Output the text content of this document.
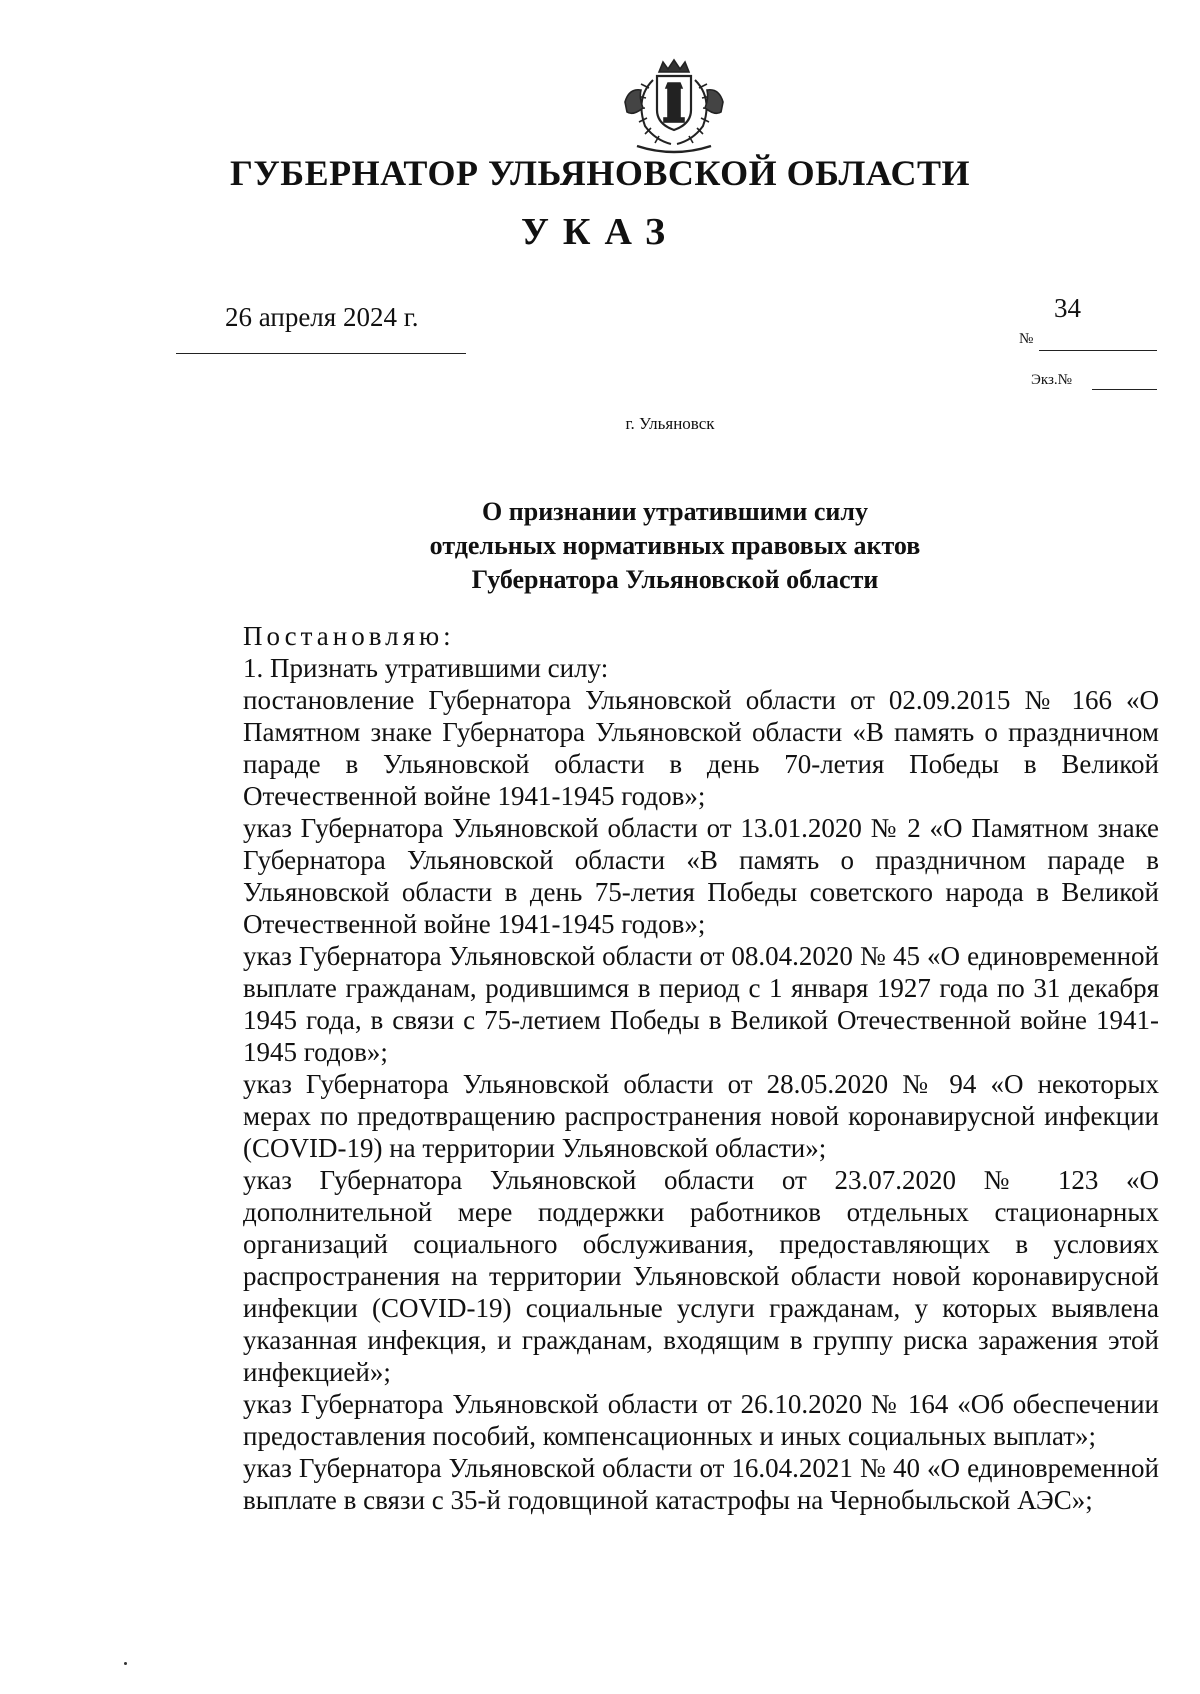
ГУБЕРНАТОР УЛЬЯНОВСКОЙ ОБЛАСТИ
УКАЗ
26 апреля 2024 г.	34
№
Экз.№
г. Ульяновск
О признании утратившими силу
отдельных нормативных правовых актов
Губернатора Ульяновской области

Постановляю:

1. Признать утратившими силу:

постановление Губернатора Ульяновской области от 02.09.2015 № 166 «О Памятном знаке Губернатора Ульяновской области «В память о праздничном параде в Ульяновской области в день 70-летия Победы в Великой Отечественной войне 1941-1945 годов»;

указ Губернатора Ульяновской области от 13.01.2020 № 2 «О Памятном знаке Губернатора Ульяновской области «В память о праздничном параде в Ульяновской области в день 75-летия Победы советского народа в Великой Отечественной войне 1941-1945 годов»;

указ Губернатора Ульяновской области от 08.04.2020 № 45 «О единовременной выплате гражданам, родившимся в период с 1 января 1927 года по 31 декабря 1945 года, в связи с 75-летием Победы в Великой Отечественной войне 1941-1945 годов»;

указ Губернатора Ульяновской области от 28.05.2020 № 94 «О некоторых мерах по предотвращению распространения новой коронавирусной инфекции (COVID-19) на территории Ульяновской области»;

указ Губернатора Ульяновской области от 23.07.2020 № 123 «О дополнительной мере поддержки работников отдельных стационарных организаций социального обслуживания, предоставляющих в условиях распространения на территории Ульяновской области новой коронавирусной инфекции (COVID-19) социальные услуги гражданам, у которых выявлена указанная инфекция, и гражданам, входящим в группу риска заражения этой инфекцией»;

указ Губернатора Ульяновской области от 26.10.2020 № 164 «Об обеспечении предоставления пособий, компенсационных и иных социальных выплат»;

указ Губернатора Ульяновской области от 16.04.2021 № 40 «О единовременной выплате в связи с 35-й годовщиной катастрофы на Чернобыльской АЭС»;
